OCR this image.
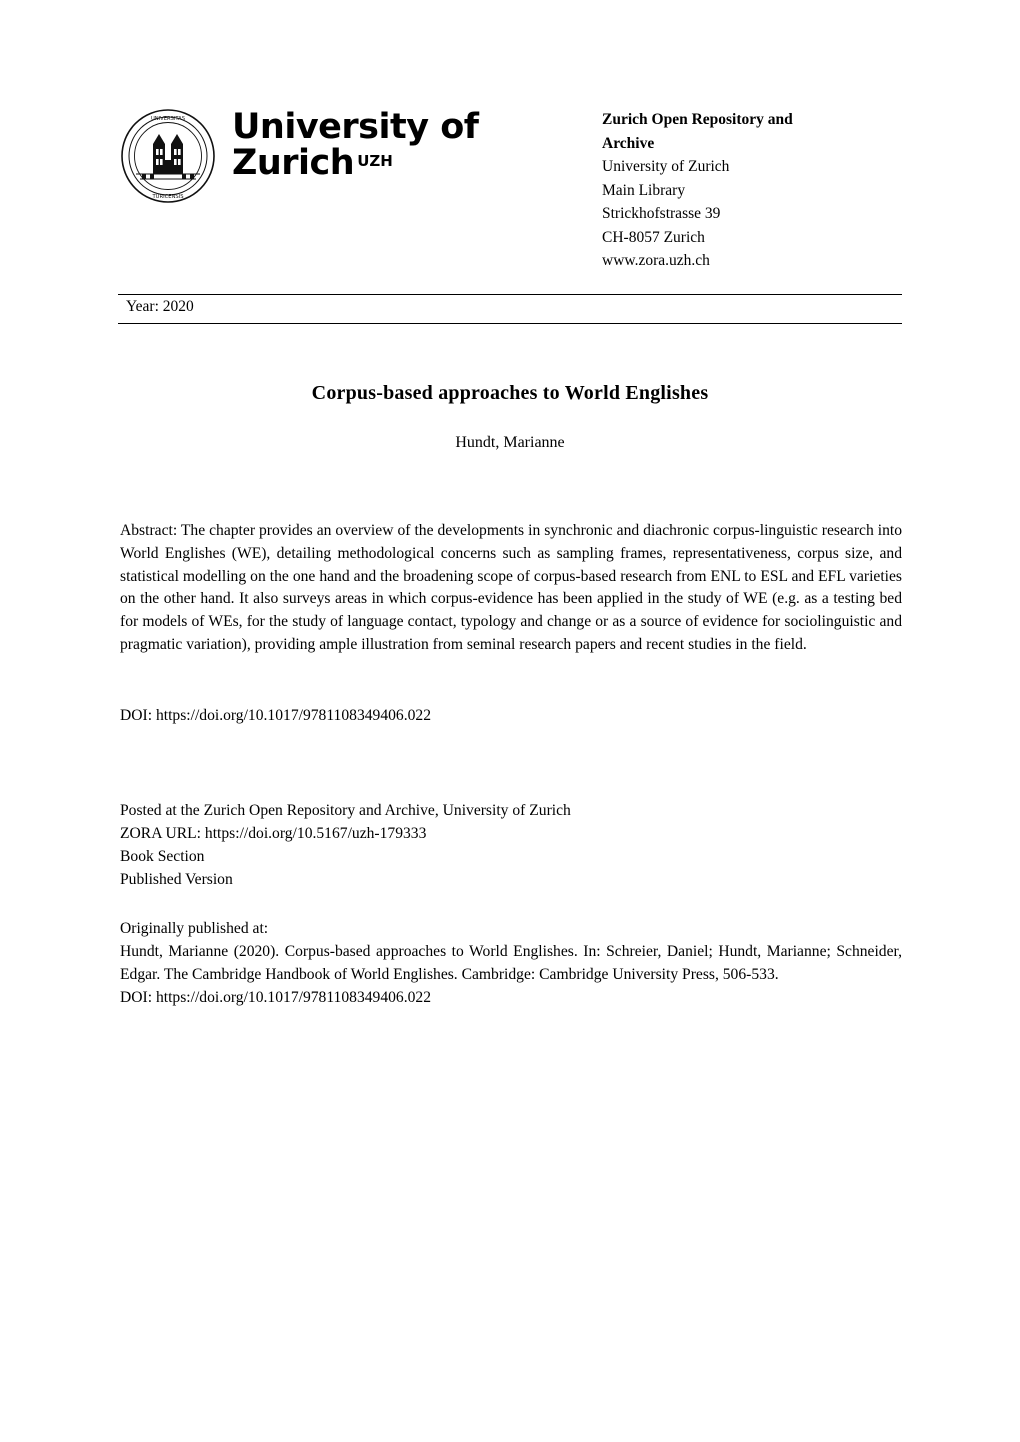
UNIVERSITAS
TURICENSIS
University of
Zurich UZH
Zurich Open Repository and
Archive
University of Zurich
Main Library
Strickhofstrasse 39
CH-8057 Zurich
www.zora.uzh.ch
Year: 2020
Corpus-based approaches to World Englishes
Hundt, Marianne
Abstract: The chapter provides an overview of the developments in synchronic and diachronic corpus-linguistic research into World Englishes (WE), detailing methodological concerns such as sampling frames, representativeness, corpus size, and statistical modelling on the one hand and the broadening scope of corpus-based research from ENL to ESL and EFL varieties on the other hand. It also surveys areas in which corpus-evidence has been applied in the study of WE (e.g. as a testing bed for models of WEs, for the study of language contact, typology and change or as a source of evidence for sociolinguistic and pragmatic variation), providing ample illustration from seminal research papers and recent studies in the field.
DOI: https://doi.org/10.1017/9781108349406.022
Posted at the Zurich Open Repository and Archive, University of Zurich
ZORA URL: https://doi.org/10.5167/uzh-179333
Book Section
Published Version
Originally published at:
Hundt, Marianne (2020). Corpus-based approaches to World Englishes. In: Schreier, Daniel; Hundt, Marianne; Schneider, Edgar. The Cambridge Handbook of World Englishes. Cambridge: Cambridge University Press, 506-533.
DOI: https://doi.org/10.1017/9781108349406.022
